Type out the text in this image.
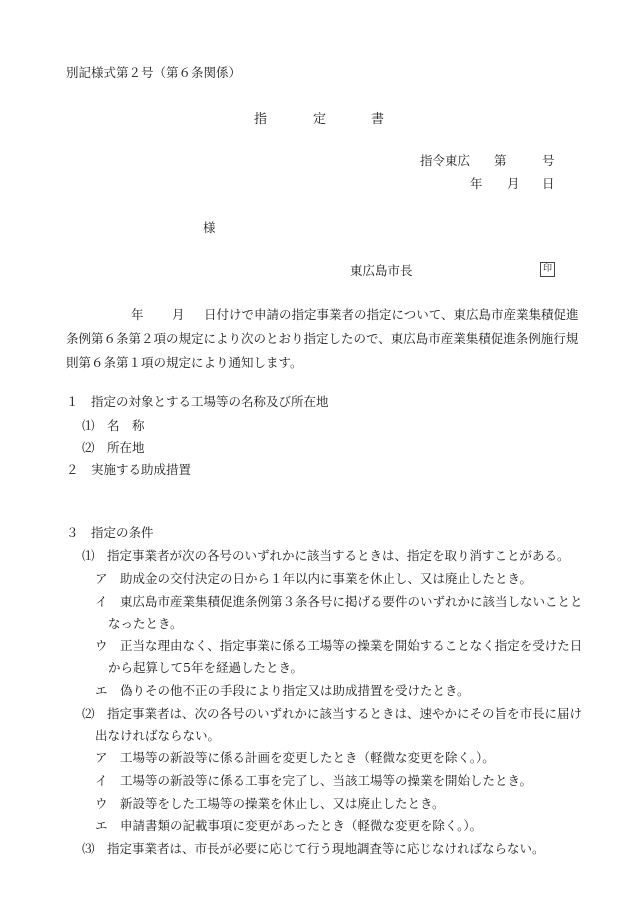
別記様式第２号（第６条関係）
指	定	書
指令東広 第	号
年 月 日
様
東広島市長	印
年 月 日付けで申請の指定事業者の指定について、東広島市産業集積促進
条例第６条第２項の規定により次のとおり指定したので、東広島市産業集積促進条例施行規
則第６条第１項の規定により通知します。
１　指定の対象とする工場等の名称及び所在地
⑴　名　称
⑵　所在地
２　実施する助成措置
３　指定の条件
⑴　指定事業者が次の各号のいずれかに該当するときは、指定を取り消すことがある。
ア　助成金の交付決定の日から１年以内に事業を休止し、又は廃止したとき。
イ　東広島市産業集積促進条例第３条各号に掲げる要件のいずれかに該当しないことと
なったとき。
ウ　正当な理由なく、指定事業に係る工場等の操業を開始することなく指定を受けた日
から起算して5年を経過したとき。
エ　偽りその他不正の手段により指定又は助成措置を受けたとき。
⑵　指定事業者は、次の各号のいずれかに該当するときは、速やかにその旨を市長に届け
出なければならない。
ア　工場等の新設等に係る計画を変更したとき（軽微な変更を除く。）。
イ　工場等の新設等に係る工事を完了し、当該工場等の操業を開始したとき。
ウ　新設等をした工場等の操業を休止し、又は廃止したとき。
エ　申請書類の記載事項に変更があったとき（軽微な変更を除く。）。
⑶　指定事業者は、市長が必要に応じて行う現地調査等に応じなければならない。
